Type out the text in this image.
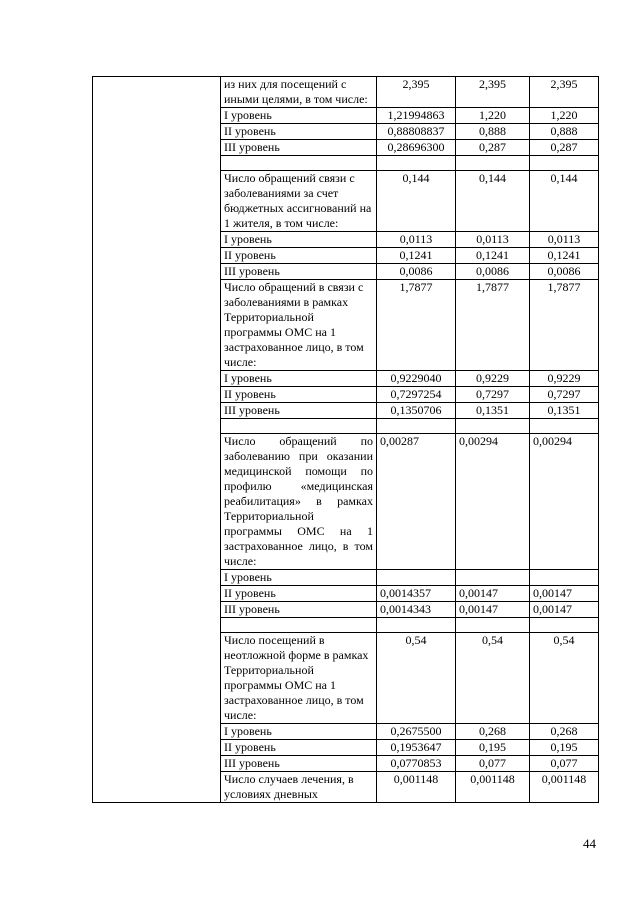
	из них для посещений с иными целями, в том числе:	2,395	2,395	2,395
	I уровень	1,21994863	1,220	1,220
	II уровень	0,88808837	0,888	0,888
	III уровень	0,28696300	0,287	0,287

	Число обращений связи с заболеваниями за счет бюджетных ассигнований на 1 жителя, в том числе:	0,144	0,144	0,144
	I уровень	0,0113	0,0113	0,0113
	II уровень	0,1241	0,1241	0,1241
	III уровень	0,0086	0,0086	0,0086
	Число обращений в связи с заболеваниями в рамках Территориальной программы ОМС на 1 застрахованное лицо, в том числе:	1,7877	1,7877	1,7877
	I уровень	0,9229040	0,9229	0,9229
	II уровень	0,7297254	0,7297	0,7297
	III уровень	0,1350706	0,1351	0,1351

	Число обращений по заболеванию при оказании медицинской помощи по профилю «медицинская реабилитация» в рамках Территориальной программы ОМС на 1 застрахованное лицо, в том числе:	0,00287	0,00294	0,00294
	I уровень			
	II уровень	0,0014357	0,00147	0,00147
	III уровень	0,0014343	0,00147	0,00147

	Число посещений в неотложной форме в рамках Территориальной программы ОМС на 1 застрахованное лицо, в том числе:	0,54	0,54	0,54
	I уровень	0,2675500	0,268	0,268
	II уровень	0,1953647	0,195	0,195
	III уровень	0,0770853	0,077	0,077
	Число случаев лечения, в условиях дневных	0,001148	0,001148	0,001148
44
